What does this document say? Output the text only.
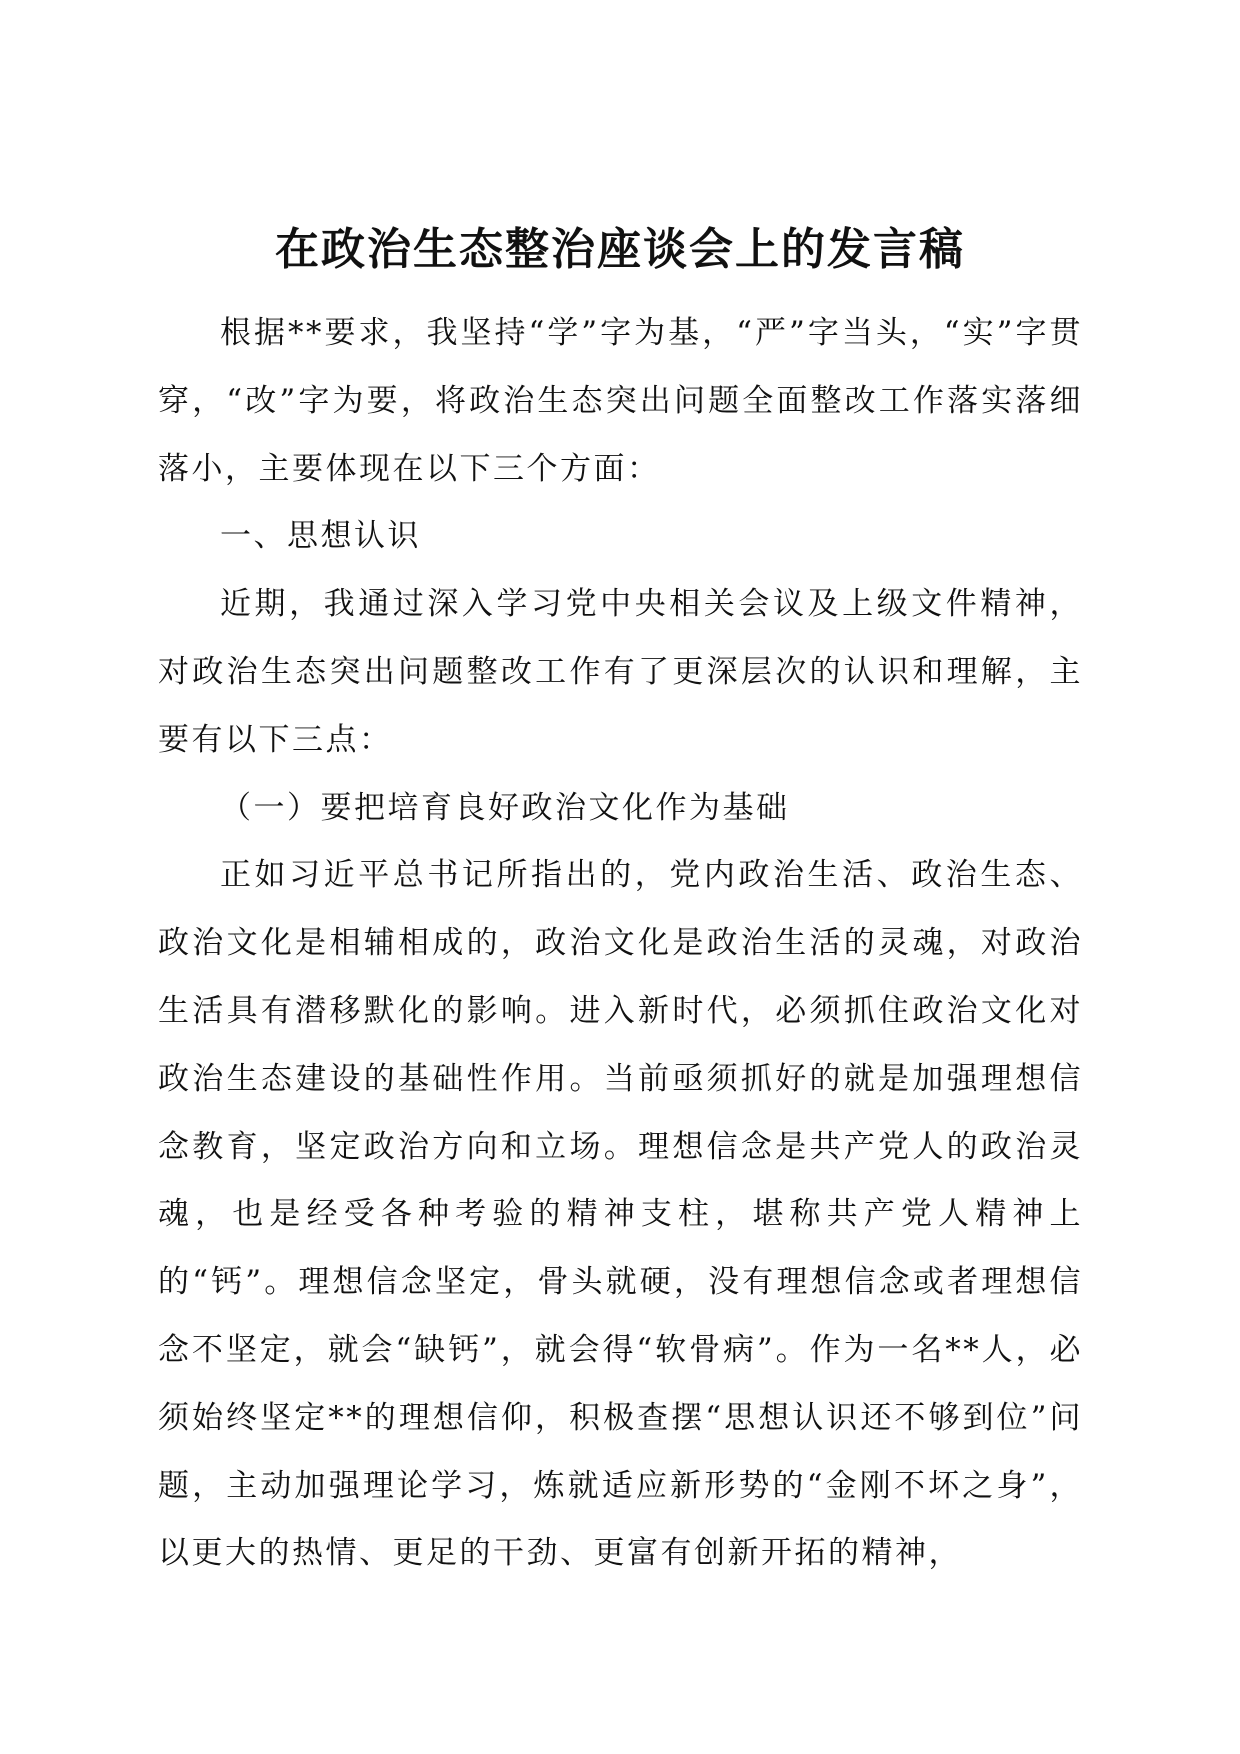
在政治生态整治座谈会上的发言稿

根据**要求，我坚持“学”字为基，“严”字当头，“实”字贯穿，“改”字为要，将政治生态突出问题全面整改工作落实落细落小，主要体现在以下三个方面：

一、思想认识

近期，我通过深入学习党中央相关会议及上级文件精神，对政治生态突出问题整改工作有了更深层次的认识和理解，主要有以下三点：

（一）要把培育良好政治文化作为基础

正如习近平总书记所指出的，党内政治生活、政治生态、政治文化是相辅相成的，政治文化是政治生活的灵魂，对政治生活具有潜移默化的影响。进入新时代，必须抓住政治文化对政治生态建设的基础性作用。当前亟须抓好的就是加强理想信念教育，坚定政治方向和立场。理想信念是共产党人的政治灵魂，也是经受各种考验的精神支柱，堪称共产党人精神上的“钙”。理想信念坚定，骨头就硬，没有理想信念或者理想信念不坚定，就会“缺钙”，就会得“软骨病”。作为一名**人，必须始终坚定**的理想信仰，积极查摆“思想认识还不够到位”问题，主动加强理论学习，炼就适应新形势的“金刚不坏之身”，以更大的热情、更足的干劲、更富有创新开拓的精神，
